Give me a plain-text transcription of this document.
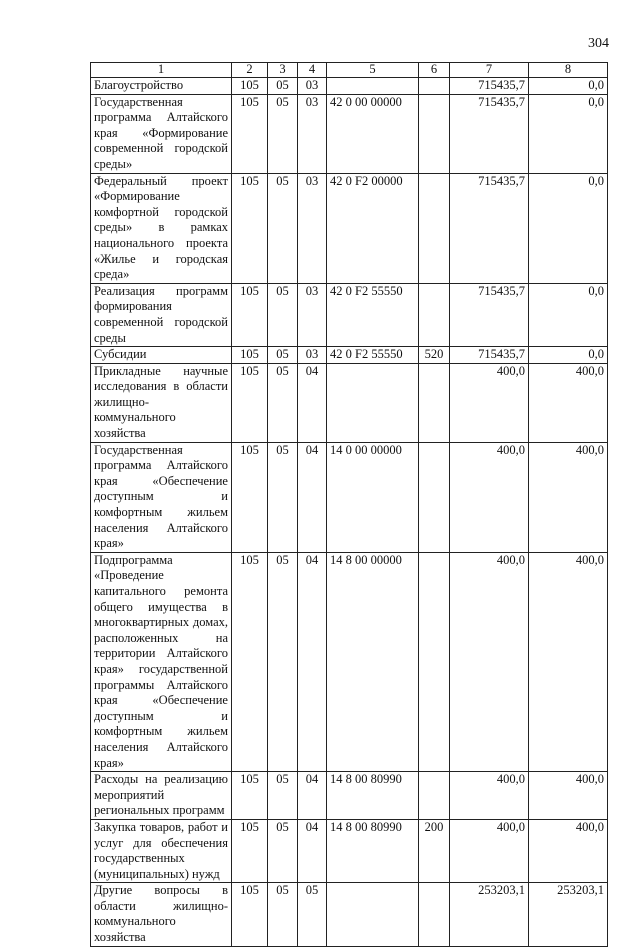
304
1	2	3	4	5	6	7	8
Благоустройство	105	05	03			715435,7	0,0
Государственная программа Алтайского края «Формирование современной городской среды»	105	05	03	42 0 00 00000		715435,7	0,0
Федеральный проект «Формирование комфортной городской среды» в рамках национального проекта «Жилье и городская среда»	105	05	03	42 0 F2 00000		715435,7	0,0
Реализация программ формирования современной городской среды	105	05	03	42 0 F2 55550		715435,7	0,0
Субсидии	105	05	03	42 0 F2 55550	520	715435,7	0,0
Прикладные научные исследования в области жилищно-коммунального хозяйства	105	05	04			400,0	400,0
Государственная программа Алтайского края «Обеспечение доступным и комфортным жильем населения Алтайского края»	105	05	04	14 0 00 00000		400,0	400,0
Подпрограмма «Проведение капитального ремонта общего имущества в многоквартирных домах, расположенных на территории Алтайского края» государственной программы Алтайского края «Обеспечение доступным и комфортным жильем населения Алтайского края»	105	05	04	14 8 00 00000		400,0	400,0
Расходы на реализацию мероприятий региональных программ	105	05	04	14 8 00 80990		400,0	400,0
Закупка товаров, работ и услуг для обеспечения государственных (муниципальных) нужд	105	05	04	14 8 00 80990	200	400,0	400,0
Другие вопросы в области жилищно-коммунального хозяйства	105	05	05			253203,1	253203,1
